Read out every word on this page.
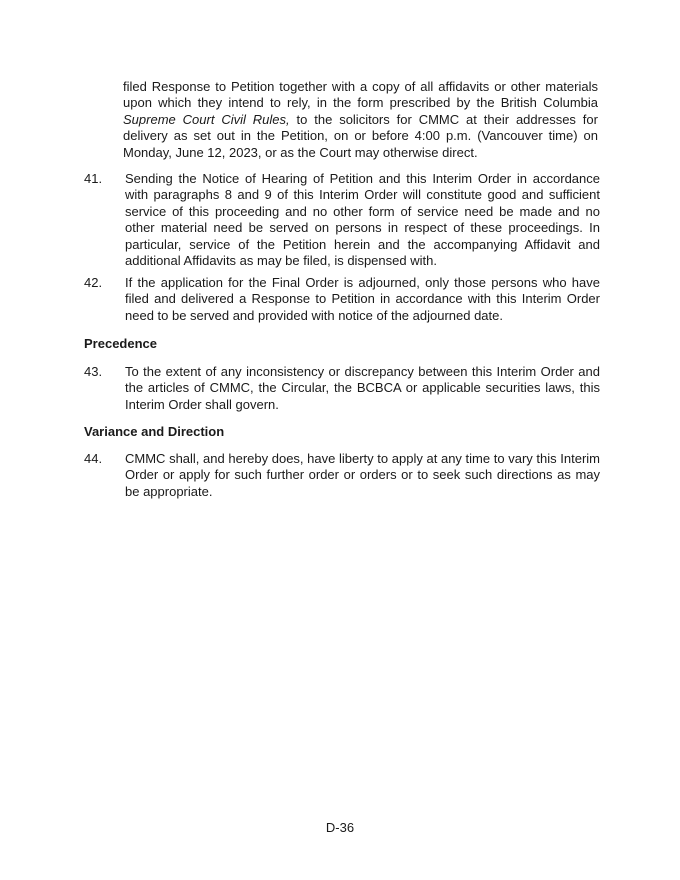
filed Response to Petition together with a copy of all affidavits or other materials upon which they intend to rely, in the form prescribed by the British Columbia Supreme Court Civil Rules, to the solicitors for CMMC at their addresses for delivery as set out in the Petition, on or before 4:00 p.m. (Vancouver time) on Monday, June 12, 2023, or as the Court may otherwise direct.
41. Sending the Notice of Hearing of Petition and this Interim Order in accordance with paragraphs 8 and 9 of this Interim Order will constitute good and sufficient service of this proceeding and no other form of service need be made and no other material need be served on persons in respect of these proceedings. In particular, service of the Petition herein and the accompanying Affidavit and additional Affidavits as may be filed, is dispensed with.
42. If the application for the Final Order is adjourned, only those persons who have filed and delivered a Response to Petition in accordance with this Interim Order need to be served and provided with notice of the adjourned date.
Precedence
43. To the extent of any inconsistency or discrepancy between this Interim Order and the articles of CMMC, the Circular, the BCBCA or applicable securities laws, this Interim Order shall govern.
Variance and Direction
44. CMMC shall, and hereby does, have liberty to apply at any time to vary this Interim Order or apply for such further order or orders or to seek such directions as may be appropriate.
D-36
